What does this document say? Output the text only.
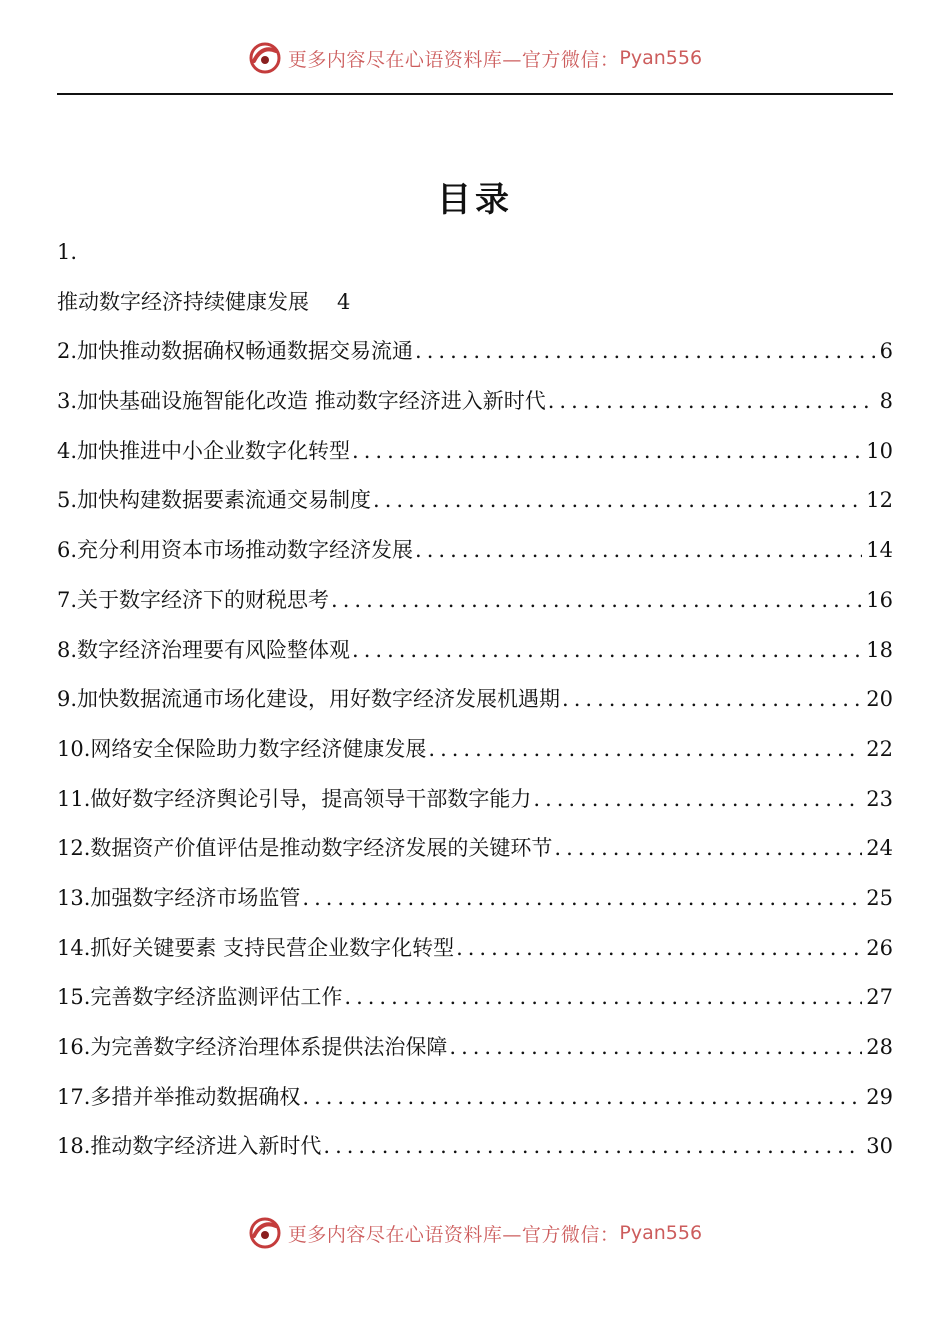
更多内容尽在心语资料库—官方微信： Pyan556
目录
1.
推动数字经济持续健康发展 4
2.加快推动数据确权畅通数据交易流通 .....	6
3.加快基础设施智能化改造 推动数字经济进入新时代 .....	8
4.加快推进中小企业数字化转型 .....	10
5.加快构建数据要素流通交易制度 .....	12
6.充分利用资本市场推动数字经济发展 .....	14
7.关于数字经济下的财税思考 .....	16
8.数字经济治理要有风险整体观 .....	18
9.加快数据流通市场化建设，用好数字经济发展机遇期 .....	20
10.网络安全保险助力数字经济健康发展 .....	22
11.做好数字经济舆论引导，提高领导干部数字能力 .....	23
12.数据资产价值评估是推动数字经济发展的关键环节 .....	24
13.加强数字经济市场监管 .....	25
14.抓好关键要素 支持民营企业数字化转型 .....	26
15.完善数字经济监测评估工作 .....	27
16.为完善数字经济治理体系提供法治保障 .....	28
17.多措并举推动数据确权 .....	29
18.推动数字经济进入新时代 .....	30
更多内容尽在心语资料库—官方微信： Pyan556
